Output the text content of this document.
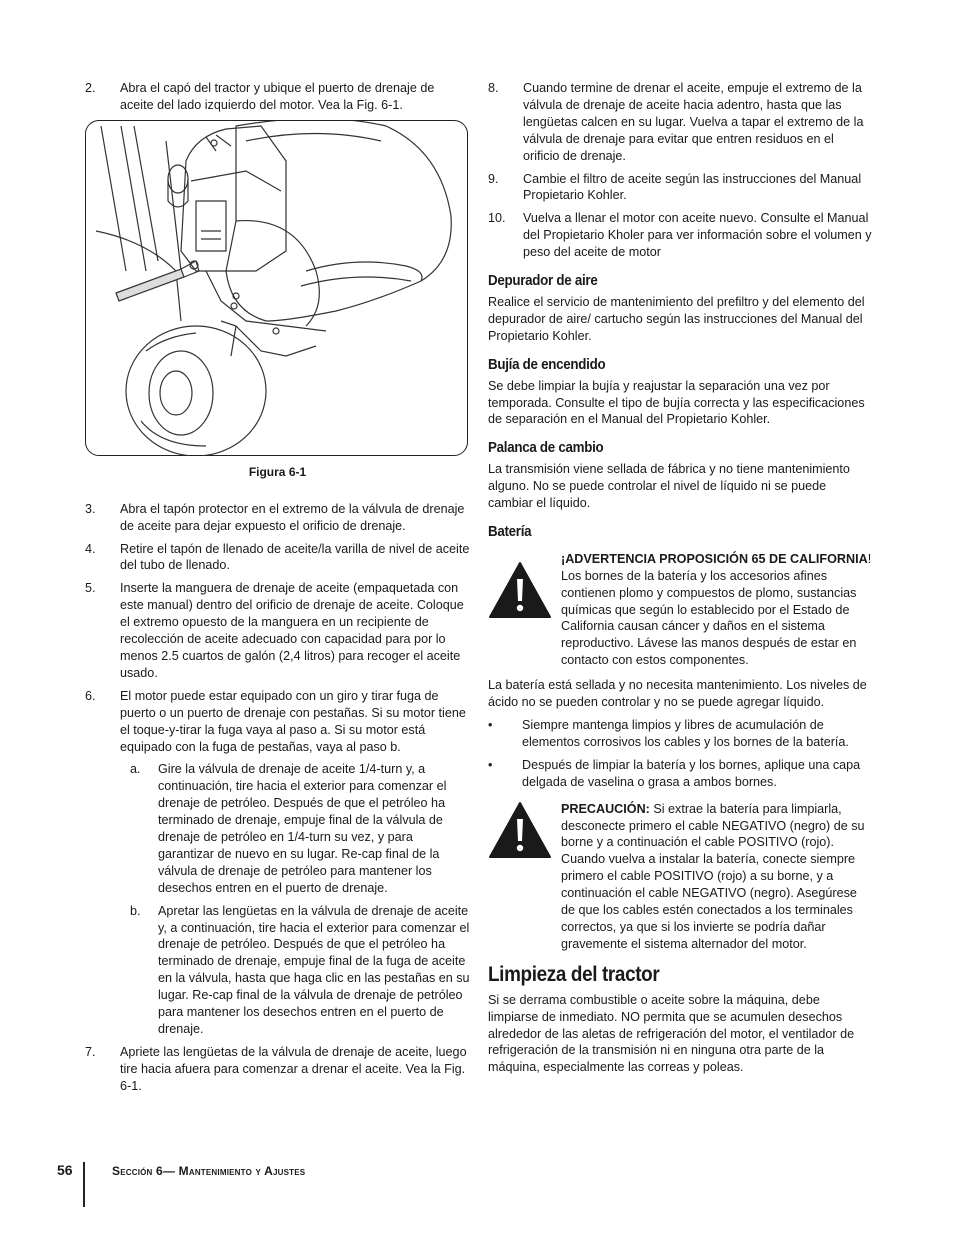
2. Abra el capó del tractor y ubique el puerto de drenaje de aceite del lado izquierdo del motor. Vea la Fig. 6-1.
Figura 6-1
3. Abra el tapón protector en el extremo de la válvula de drenaje de aceite para dejar expuesto el orificio de drenaje.
4. Retire el tapón de llenado de aceite/la varilla de nivel de aceite del tubo de llenado.
5. Inserte la manguera de drenaje de aceite (empaquetada con este manual) dentro del orificio de drenaje de aceite. Coloque el extremo opuesto de la manguera en un recipiente de recolección de aceite adecuado con capacidad para por lo menos 2.5 cuartos de galón (2,4 litros) para recoger el aceite usado.
6. El motor puede estar equipado con un giro y tirar fuga de puerto o un puerto de drenaje con pestañas. Si su motor tiene el toque-y-tirar la fuga vaya al paso a. Si su motor está equipado con la fuga de pestañas, vaya al paso b.
a. Gire la válvula de drenaje de aceite 1/4-turn y, a continuación, tire hacia el exterior para comenzar el drenaje de petróleo. Después de que el petróleo ha terminado de drenaje, empuje final de la válvula de drenaje de petróleo en 1/4-turn su vez, y para garantizar de nuevo en su lugar. Re-cap final de la válvula de drenaje de petróleo para mantener los desechos entren en el puerto de drenaje.
b. Apretar las lengüetas en la válvula de drenaje de aceite y, a continuación, tire hacia el exterior para comenzar el drenaje de petróleo. Después de que el petróleo ha terminado de drenaje, empuje final de la fuga de aceite en la válvula, hasta que haga clic en las pestañas en su lugar. Re-cap final de la válvula de drenaje de petróleo para mantener los desechos entren en el puerto de drenaje.
7. Apriete las lengüetas de la válvula de drenaje de aceite, luego tire hacia afuera para comenzar a drenar el aceite. Vea la Fig. 6-1.
8. Cuando termine de drenar el aceite, empuje el extremo de la válvula de drenaje de aceite hacia adentro, hasta que las lengüetas calcen en su lugar. Vuelva a tapar el extremo de la válvula de drenaje para evitar que entren residuos en el orificio de drenaje.
9. Cambie el filtro de aceite según las instrucciones del Manual Propietario Kohler.
10. Vuelva a llenar el motor con aceite nuevo. Consulte el Manual del Propietario Kholer para ver información sobre el volumen y peso del aceite de motor
Depurador de aire

Realice el servicio de mantenimiento del prefiltro y del elemento del depurador de aire/ cartucho según las instrucciones del Manual del Propietario Kohler.

Bujía de encendido

Se debe limpiar la bujía y reajustar la separación una vez por temporada. Consulte el tipo de bujía correcta y las especificaciones de separación en el Manual del Propietario Kohler.

Palanca de cambio

La transmisión viene sellada de fábrica y no tiene mantenimiento alguno. No se puede controlar el nivel de líquido ni se puede cambiar el líquido.

Batería
¡ADVERTENCIA PROPOSICIÓN 65 DE CALIFORNIA! Los bornes de la batería y los accesorios afines contienen plomo y compuestos de plomo, sustancias químicas que según lo establecido por el Estado de California causan cáncer y daños en el sistema reproductivo. Lávese las manos después de estar en contacto con estos componentes.

La batería está sellada y no necesita mantenimiento. Los niveles de ácido no se pueden controlar y no se puede agregar líquido.

• Siempre mantenga limpios y libres de acumulación de elementos corrosivos los cables y los bornes de la batería.
• Después de limpiar la batería y los bornes, aplique una capa delgada de vaselina o grasa a ambos bornes.
PRECAUCIÓN: Si extrae la batería para limpiarla, desconecte primero el cable NEGATIVO (negro) de su borne y a continuación el cable POSITIVO (rojo). Cuando vuelva a instalar la batería, conecte siempre primero el cable POSITIVO (rojo) a su borne, y a continuación el cable NEGATIVO (negro). Asegúrese de que los cables estén conectados a los terminales correctos, ya que si los invierte se podría dañar gravemente el sistema alternador del motor.
Limpieza del tractor

Si se derrama combustible o aceite sobre la máquina, debe limpiarse de inmediato. NO permita que se acumulen desechos alrededor de las aletas de refrigeración del motor, el ventilador de refrigeración de la transmisión ni en ninguna otra parte de la máquina, especialmente las correas y poleas.

56	Sección 6— Mantenimiento y Ajustes
